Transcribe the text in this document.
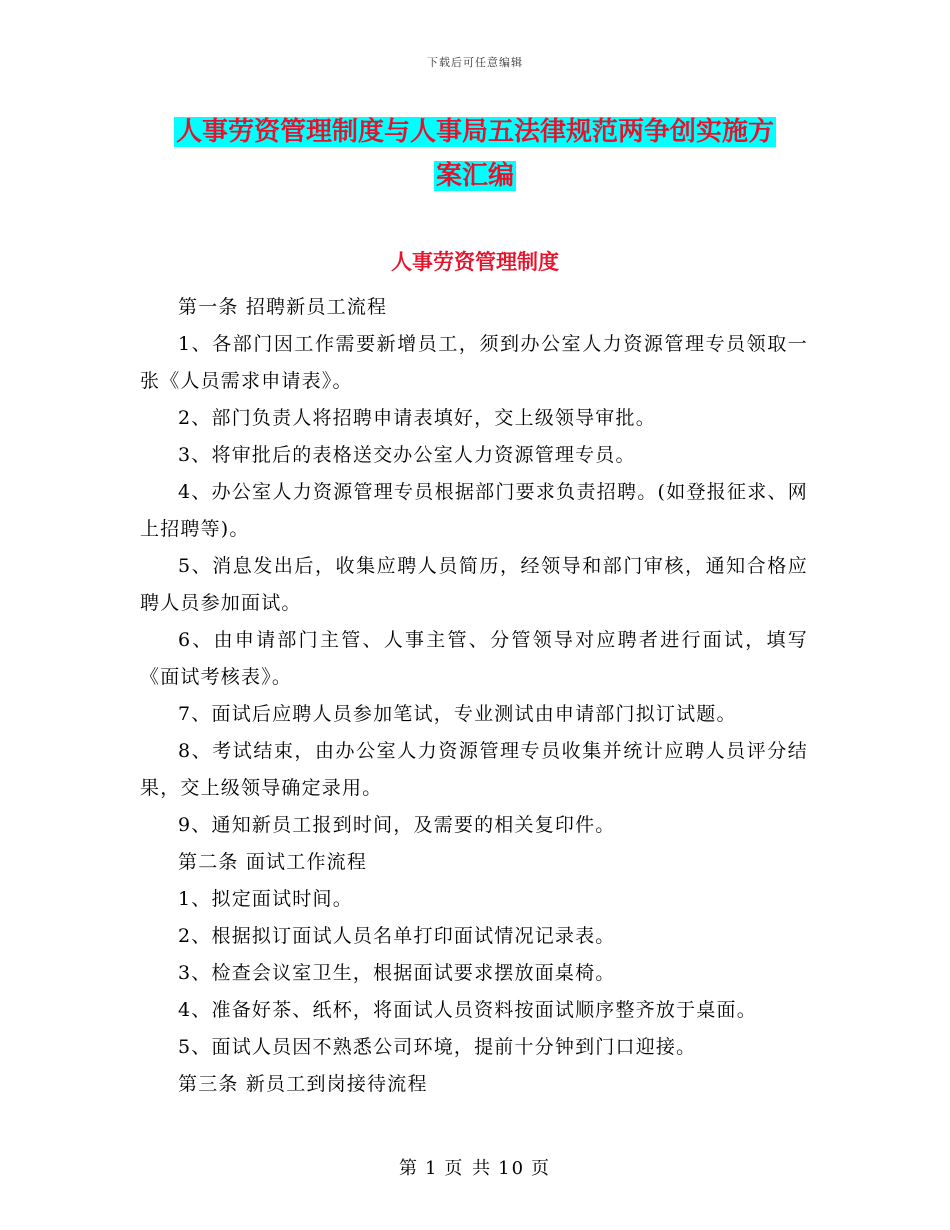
下载后可任意编辑
人事劳资管理制度与人事局五法律规范两争创实施方
案汇编
人事劳资管理制度

第一条 招聘新员工流程

1、各部门因工作需要新增员工，须到办公室人力资源管理专员领取一张《人员需求申请表》。

2、部门负责人将招聘申请表填好，交上级领导审批。

3、将审批后的表格送交办公室人力资源管理专员。

4、办公室人力资源管理专员根据部门要求负责招聘。(如登报征求、网上招聘等)。

5、消息发出后，收集应聘人员简历，经领导和部门审核，通知合格应聘人员参加面试。

6、由申请部门主管、人事主管、分管领导对应聘者进行面试，填写《面试考核表》。

7、面试后应聘人员参加笔试，专业测试由申请部门拟订试题。

8、考试结束，由办公室人力资源管理专员收集并统计应聘人员评分结果，交上级领导确定录用。

9、通知新员工报到时间，及需要的相关复印件。

第二条 面试工作流程

1、拟定面试时间。

2、根据拟订面试人员名单打印面试情况记录表。

3、检查会议室卫生，根据面试要求摆放面桌椅。

4、准备好茶、纸杯，将面试人员资料按面试顺序整齐放于桌面。

5、面试人员因不熟悉公司环境，提前十分钟到门口迎接。

第三条 新员工到岗接待流程

第 1 页 共 10 页
